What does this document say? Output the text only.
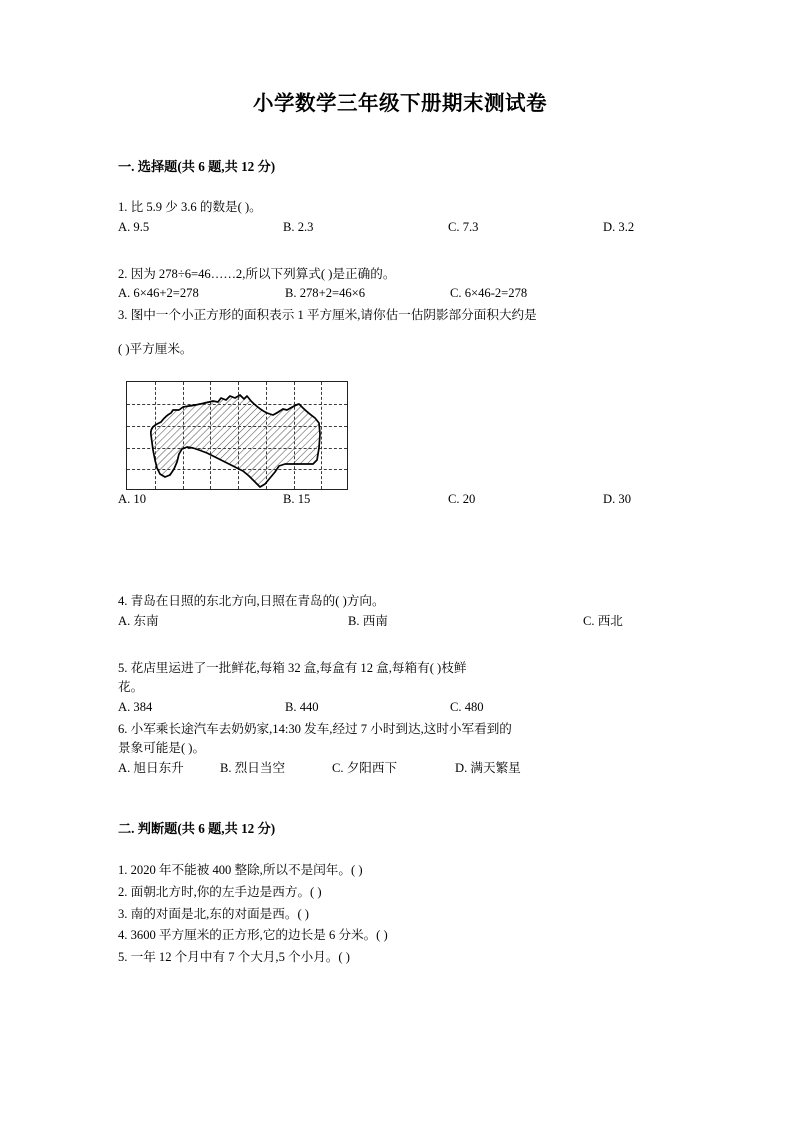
小学数学三年级下册期末测试卷
一. 选择题(共 6 题,共 12 分)
1. 比 5.9 少 3.6 的数是( )。
A. 9.5	B. 2.3	C. 7.3	D. 3.2
2. 因为 278÷6=46……2,所以下列算式( )是正确的。
A. 6×46+2=278	B. 278+2=46×6	C. 6×46-2=278
3. 图中一个小正方形的面积表示 1 平方厘米,请你估一估阴影部分面积大约是
( )平方厘米。
A. 10	B. 15	C. 20	D. 30
4. 青岛在日照的东北方向,日照在青岛的( )方向。
A. 东南	B. 西南	C. 西北
5. 花店里运进了一批鲜花,每箱 32 盒,每盒有 12 盒,每箱有( )枝鲜
花。
A. 384	B. 440	C. 480
6. 小军乘长途汽车去奶奶家,14:30 发车,经过 7 小时到达,这时小军看到的
景象可能是( )。
A. 旭日东升	B. 烈日当空	C. 夕阳西下	D. 满天繁星
二. 判断题(共 6 题,共 12 分)
1. 2020 年不能被 400 整除,所以不是闰年。( )
2. 面朝北方时,你的左手边是西方。( )
3. 南的对面是北,东的对面是西。( )
4. 3600 平方厘米的正方形,它的边长是 6 分米。( )
5. 一年 12 个月中有 7 个大月,5 个小月。( )
